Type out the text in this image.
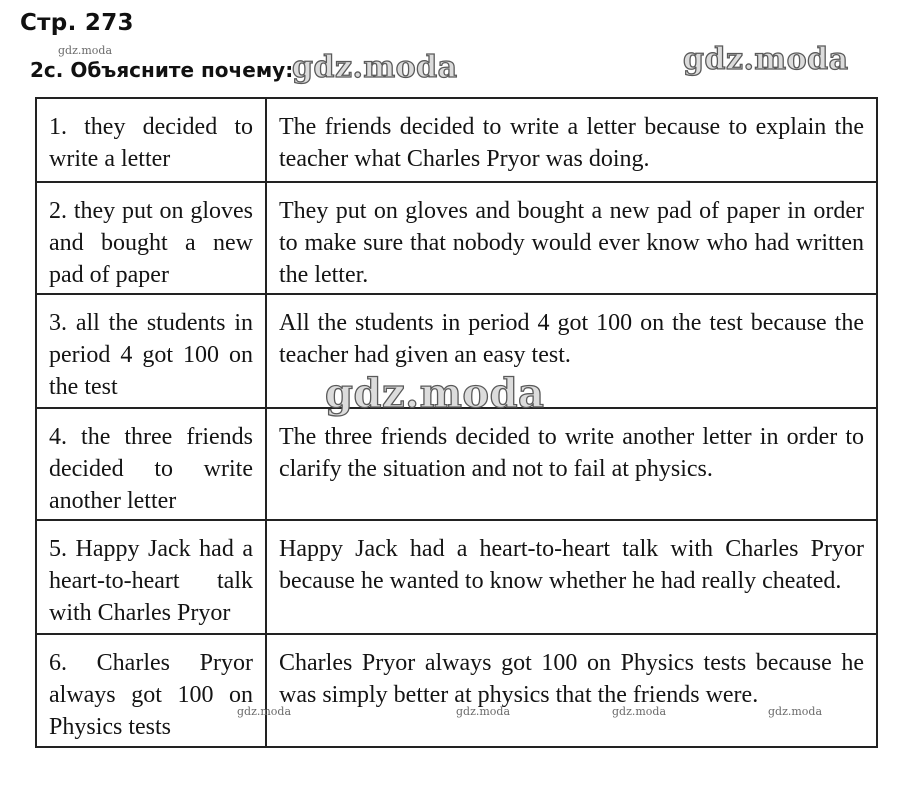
Стр. 273
gdz.moda
2с. Объясните почему:
gdz.moda	gdz.moda
1. they decided to write a letter	The friends decided to write a letter because to explain the teacher what Charles Pryor was doing.
2. they put on gloves and bought a new pad of paper	They put on gloves and bought a new pad of paper in order to make sure that nobody would ever know who had written the letter.
3. all the students in period 4 got 100 on the test	All the students in period 4 got 100 on the test because the teacher had given an easy test.
4. the three friends decided to write another letter	The three friends decided to write another letter in order to clarify the situation and not to fail at physics.
5. Happy Jack had a heart-to-heart talk with Charles Pryor	Happy Jack had a heart-to-heart talk with Charles Pryor because he wanted to know whether he had really cheated.
6. Charles Pryor always got 100 on Physics tests	Charles Pryor always got 100 on Physics tests because he was simply better at physics that the friends were.
gdz.moda
gdz.moda	gdz.moda	gdz.moda	gdz.moda
